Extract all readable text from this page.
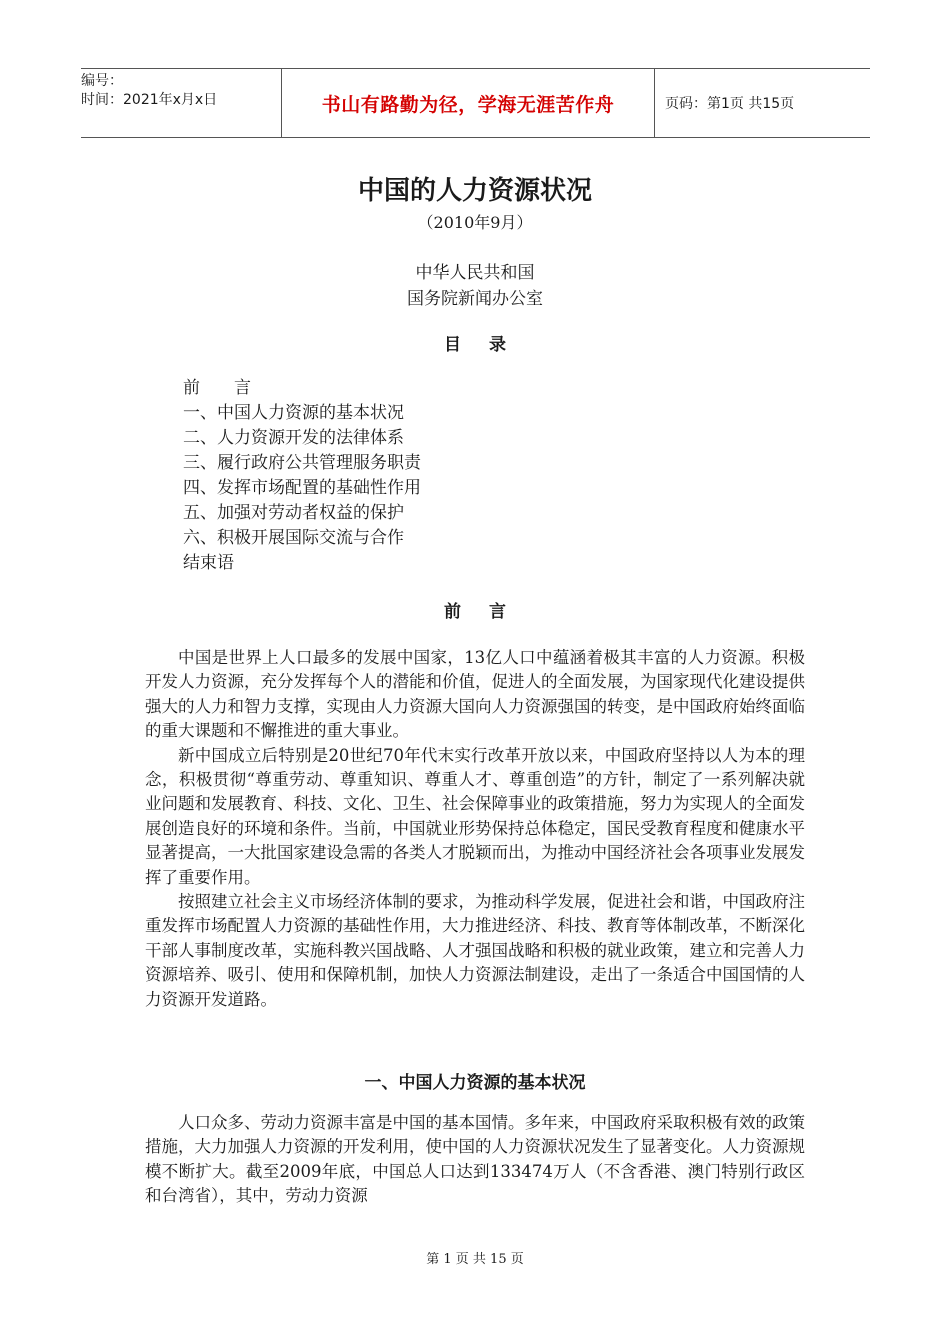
编号：
时间：2021年x月x日	书山有路勤为径，学海无涯苦作舟	页码：第1页 共15页
中国的人力资源状况
（2010年9月）
中华人民共和国
国务院新闻办公室
目录
前　　言
一、中国人力资源的基本状况
二、人力资源开发的法律体系
三、履行政府公共管理服务职责
四、发挥市场配置的基础性作用
五、加强对劳动者权益的保护
六、积极开展国际交流与合作
结束语
前言

中国是世界上人口最多的发展中国家，13亿人口中蕴涵着极其丰富的人力资源。积极开发人力资源，充分发挥每个人的潜能和价值，促进人的全面发展，为国家现代化建设提供强大的人力和智力支撑，实现由人力资源大国向人力资源强国的转变，是中国政府始终面临的重大课题和不懈推进的重大事业。

新中国成立后特别是20世纪70年代末实行改革开放以来，中国政府坚持以人为本的理念，积极贯彻“尊重劳动、尊重知识、尊重人才、尊重创造”的方针，制定了一系列解决就业问题和发展教育、科技、文化、卫生、社会保障事业的政策措施，努力为实现人的全面发展创造良好的环境和条件。当前，中国就业形势保持总体稳定，国民受教育程度和健康水平显著提高，一大批国家建设急需的各类人才脱颖而出，为推动中国经济社会各项事业发展发挥了重要作用。

按照建立社会主义市场经济体制的要求，为推动科学发展，促进社会和谐，中国政府注重发挥市场配置人力资源的基础性作用，大力推进经济、科技、教育等体制改革，不断深化干部人事制度改革，实施科教兴国战略、人才强国战略和积极的就业政策，建立和完善人力资源培养、吸引、使用和保障机制，加快人力资源法制建设，走出了一条适合中国国情的人力资源开发道路。

一、中国人力资源的基本状况

人口众多、劳动力资源丰富是中国的基本国情。多年来，中国政府采取积极有效的政策措施，大力加强人力资源的开发利用，使中国的人力资源状况发生了显著变化。人力资源规模不断扩大。截至2009年底，中国总人口达到133474万人（不含香港、澳门特别行政区和台湾省），其中，劳动力资源

第 1 页 共 15 页
